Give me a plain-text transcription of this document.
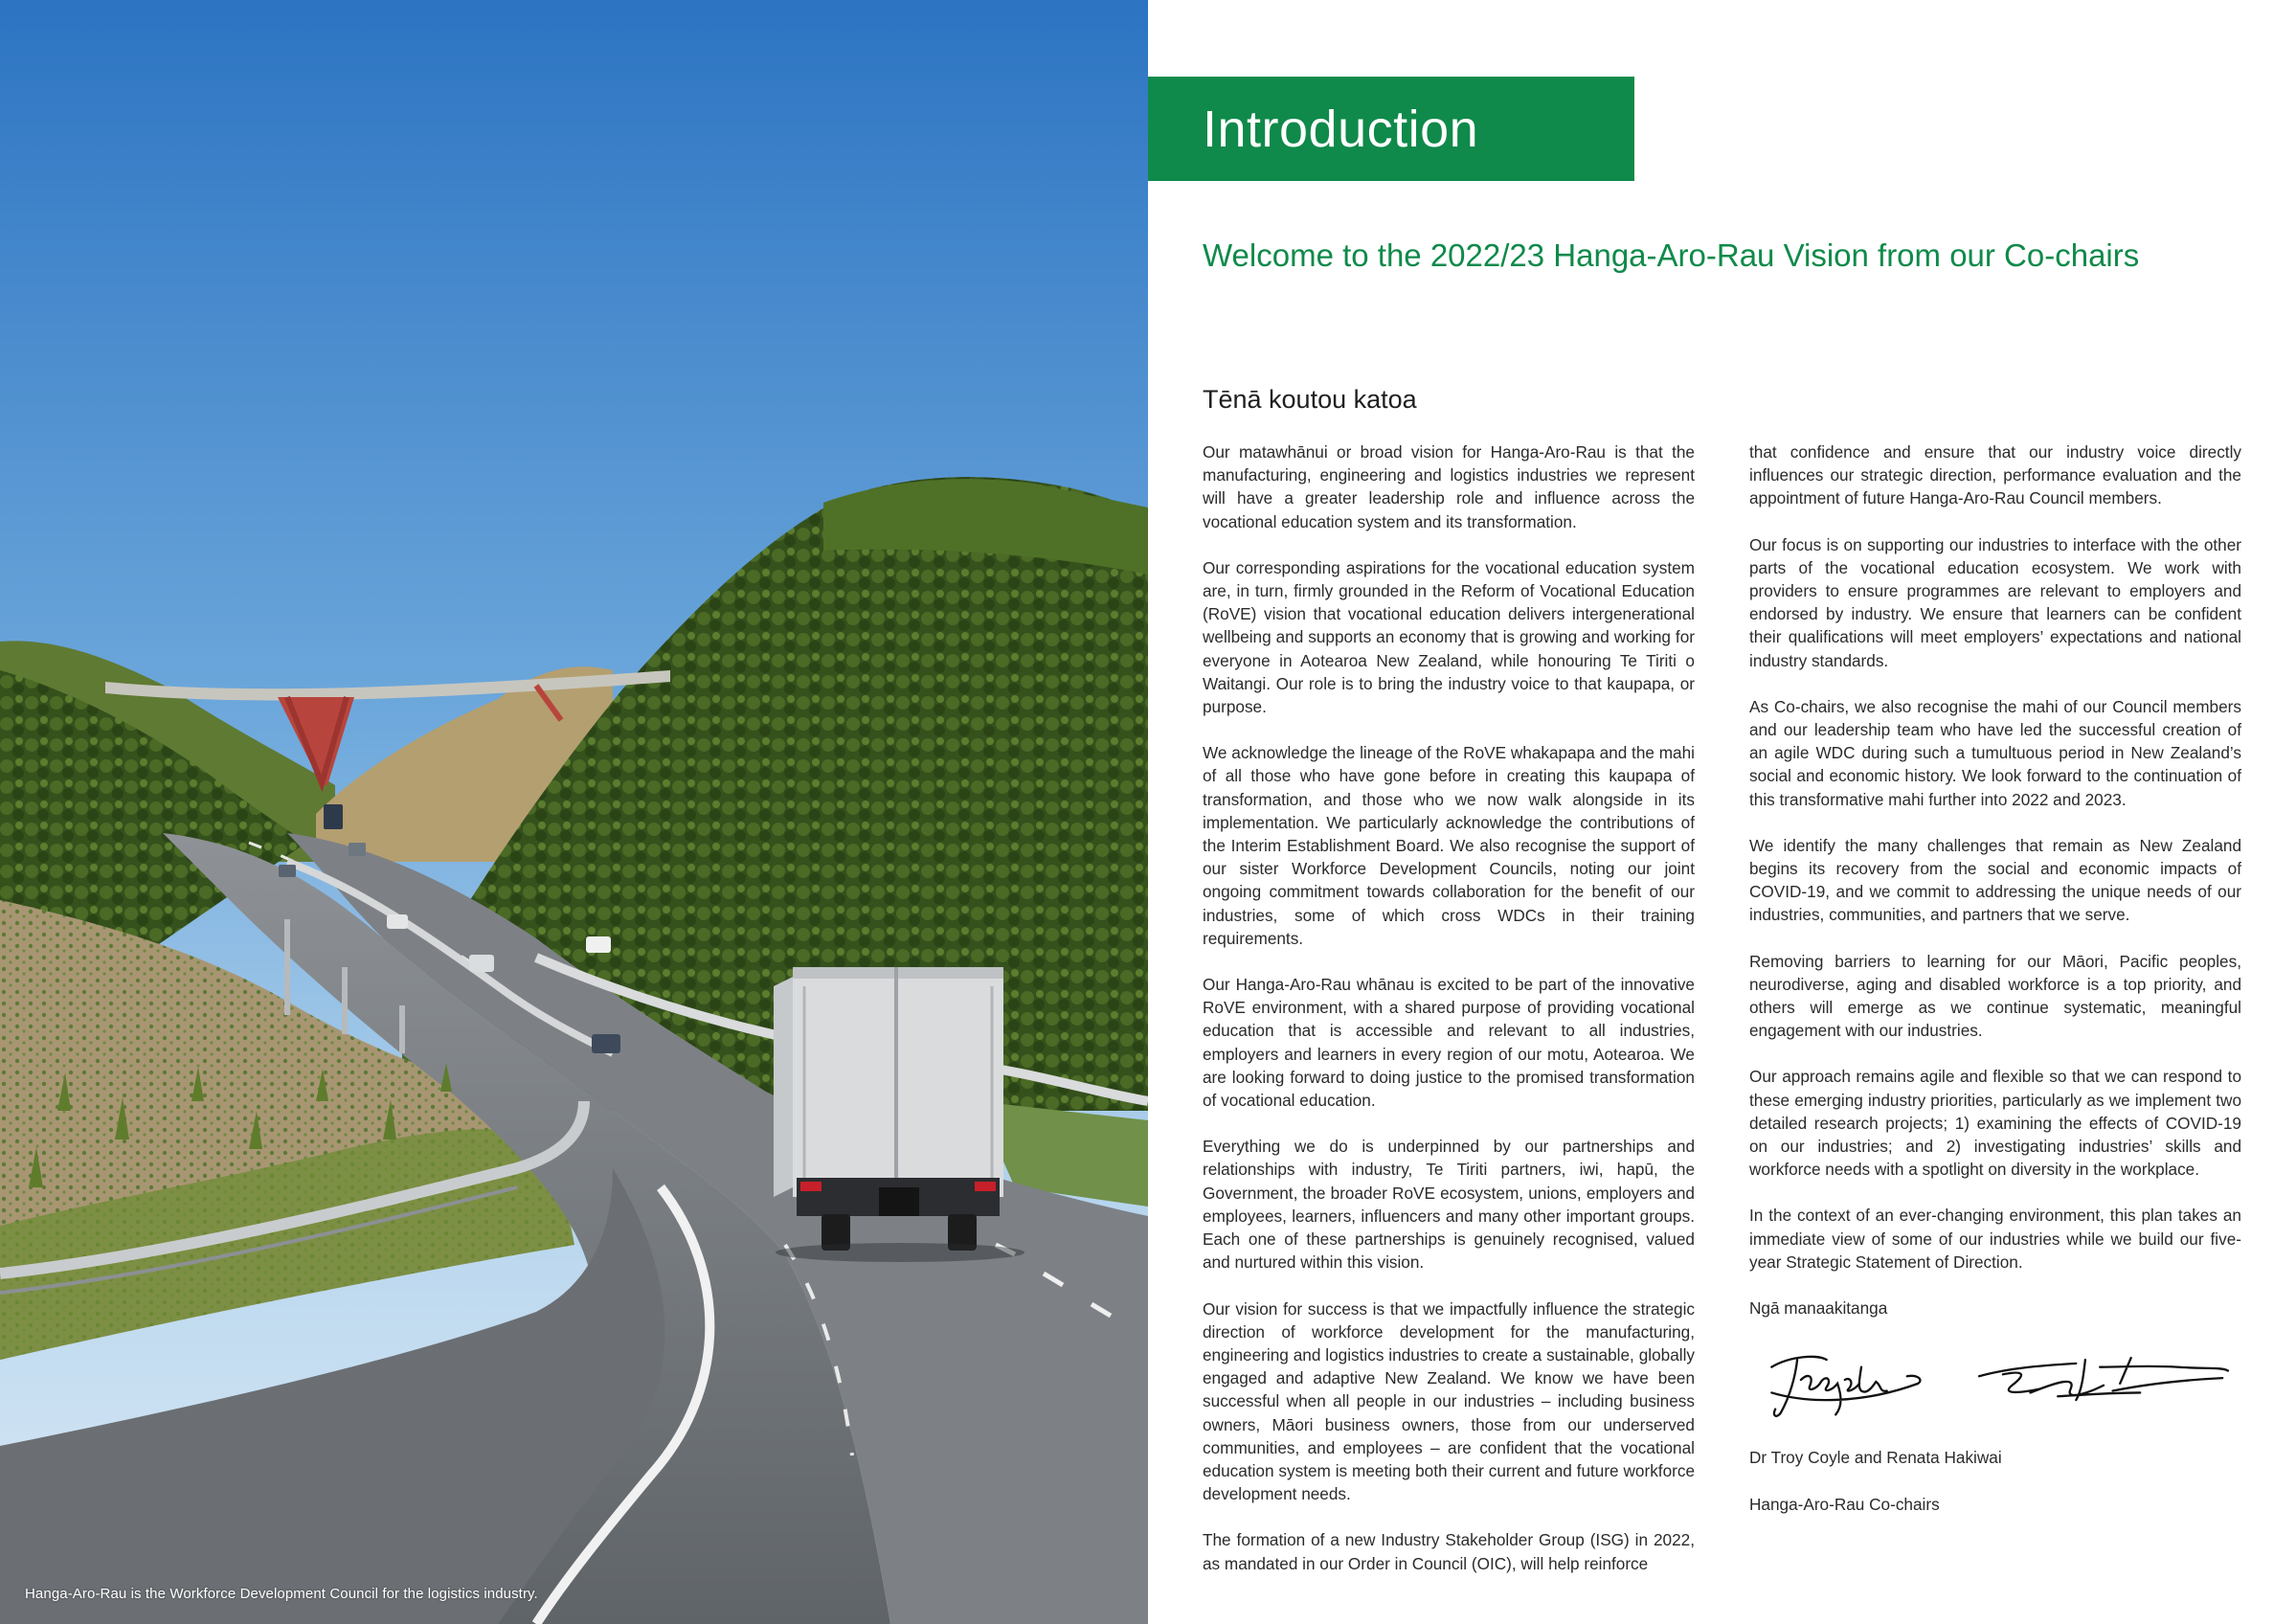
Hanga-Aro-Rau is the Workforce Development Council for the logistics industry.
Introduction
Welcome to the 2022/23 Hanga-Aro-Rau Vision from our Co-chairs
Tēnā koutou katoa

Our matawhānui or broad vision for Hanga-Aro-Rau is that the manufacturing, engineering and logistics industries we represent will have a greater leadership role and influence across the vocational education system and its transformation.

Our corresponding aspirations for the vocational education system are, in turn, firmly grounded in the Reform of Vocational Education (RoVE) vision that vocational education delivers intergenerational wellbeing and supports an economy that is growing and working for everyone in Aotearoa New Zealand, while honouring Te Tiriti o Waitangi. Our role is to bring the industry voice to that kaupapa, or purpose.

We acknowledge the lineage of the RoVE whakapapa and the mahi of all those who have gone before in creating this kaupapa of transformation, and those who we now walk alongside in its implementation. We particularly acknowledge the contributions of the Interim Establishment Board. We also recognise the support of our sister Workforce Development Councils, noting our joint ongoing commitment towards collaboration for the benefit of our industries, some of which cross WDCs in their training requirements.

Our Hanga-Aro-Rau whānau is excited to be part of the innovative RoVE environment, with a shared purpose of providing vocational education that is accessible and relevant to all industries, employers and learners in every region of our motu, Aotearoa. We are looking forward to doing justice to the promised transformation of vocational education.

Everything we do is underpinned by our partnerships and relationships with industry, Te Tiriti partners, iwi, hapū, the Government, the broader RoVE ecosystem, unions, employers and employees, learners, influencers and many other important groups. Each one of these partnerships is genuinely recognised, valued and nurtured within this vision.

Our vision for success is that we impactfully influence the strategic direction of workforce development for the manufacturing, engineering and logistics industries to create a sustainable, globally engaged and adaptive New Zealand. We know we have been successful when all people in our industries – including business owners, Māori business owners, those from our underserved communities, and employees – are confident that the vocational education system is meeting both their current and future workforce development needs.

The formation of a new Industry Stakeholder Group (ISG) in 2022, as mandated in our Order in Council (OIC), will help reinforce

that confidence and ensure that our industry voice directly influences our strategic direction, performance evaluation and the appointment of future Hanga-Aro-Rau Council members.

Our focus is on supporting our industries to interface with the other parts of the vocational education ecosystem. We work with providers to ensure programmes are relevant to employers and endorsed by industry. We ensure that learners can be confident their qualifications will meet employers’ expectations and national industry standards.

As Co-chairs, we also recognise the mahi of our Council members and our leadership team who have led the successful creation of an agile WDC during such a tumultuous period in New Zealand’s social and economic history. We look forward to the continuation of this transformative mahi further into 2022 and 2023.

We identify the many challenges that remain as New Zealand begins its recovery from the social and economic impacts of COVID-19, and we commit to addressing the unique needs of our industries, communities, and partners that we serve.

Removing barriers to learning for our Māori, Pacific peoples, neurodiverse, aging and disabled workforce is a top priority, and others will emerge as we continue systematic, meaningful engagement with our industries.

Our approach remains agile and flexible so that we can respond to these emerging industry priorities, particularly as we implement two detailed research projects; 1) examining the effects of COVID-19 on our industries; and 2) investigating industries’ skills and workforce needs with a spotlight on diversity in the workplace.

In the context of an ever-changing environment, this plan takes an immediate view of some of our industries while we build our five-year Strategic Statement of Direction.

Ngā manaakitanga
Dr Troy Coyle and Renata Hakiwai
Hanga-Aro-Rau Co-chairs
